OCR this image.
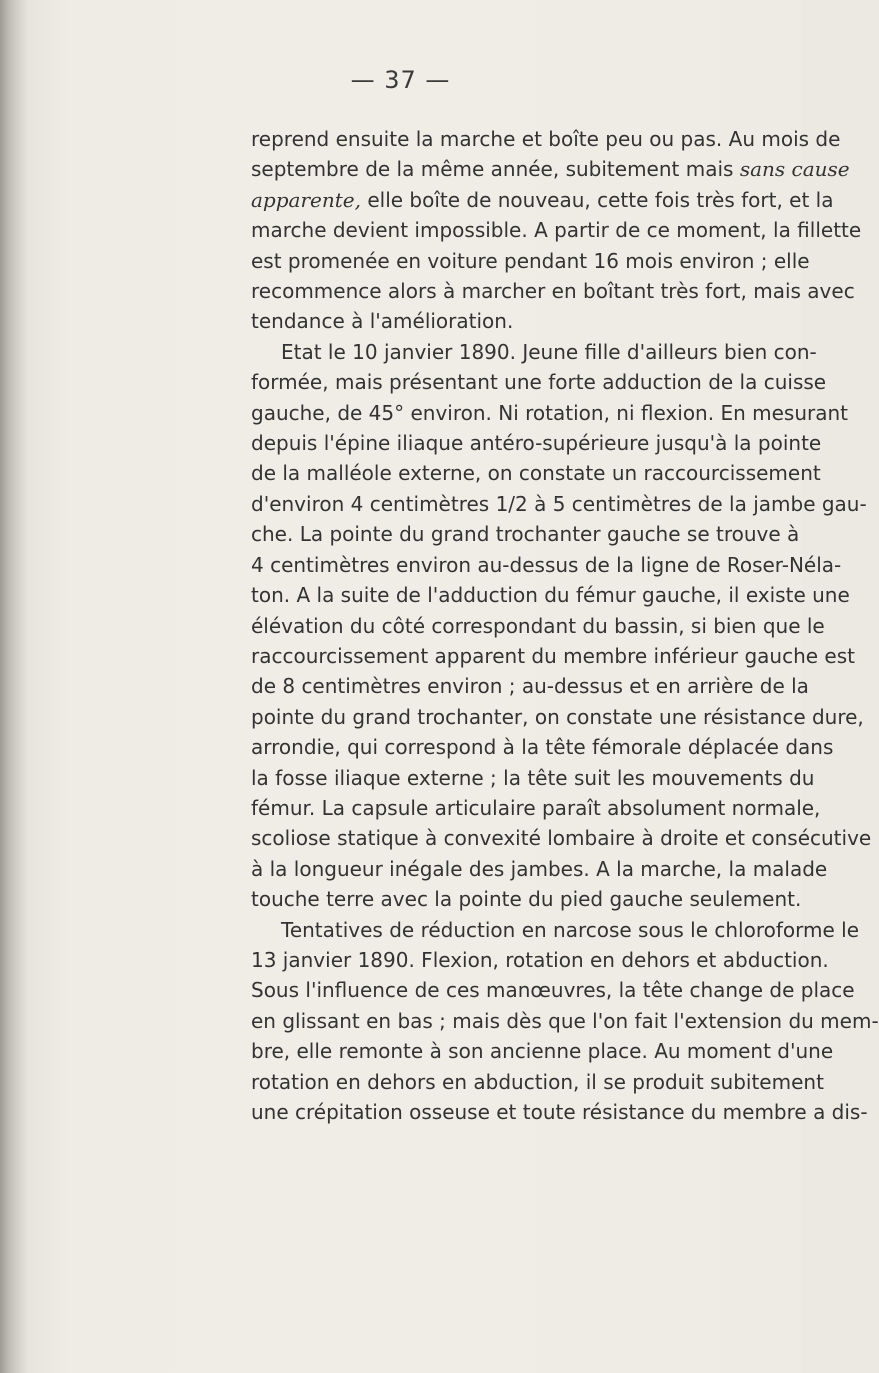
— 37 —
reprend ensuite la marche et boîte peu ou pas. Au mois de
septembre de la même année, subitement mais sans cause
apparente, elle boîte de nouveau, cette fois très fort, et la
marche devient impossible. A partir de ce moment, la fillette
est promenée en voiture pendant 16 mois environ ; elle
recommence alors à marcher en boîtant très fort, mais avec
tendance à l'amélioration.
Etat le 10 janvier 1890. Jeune fille d'ailleurs bien con-
formée, mais présentant une forte adduction de la cuisse
gauche, de 45° environ. Ni rotation, ni flexion. En mesurant
depuis l'épine iliaque antéro-supérieure jusqu'à la pointe
de la malléole externe, on constate un raccourcissement
d'environ 4 centimètres 1/2 à 5 centimètres de la jambe gau-
che. La pointe du grand trochanter gauche se trouve à
4 centimètres environ au-dessus de la ligne de Roser-Néla-
ton. A la suite de l'adduction du fémur gauche, il existe une
élévation du côté correspondant du bassin, si bien que le
raccourcissement apparent du membre inférieur gauche est
de 8 centimètres environ ; au-dessus et en arrière de la
pointe du grand trochanter, on constate une résistance dure,
arrondie, qui correspond à la tête fémorale déplacée dans
la fosse iliaque externe ; la tête suit les mouvements du
fémur. La capsule articulaire paraît absolument normale,
scoliose statique à convexité lombaire à droite et consécutive
à la longueur inégale des jambes. A la marche, la malade
touche terre avec la pointe du pied gauche seulement.
Tentatives de réduction en narcose sous le chloroforme le
13 janvier 1890. Flexion, rotation en dehors et abduction.
Sous l'influence de ces manœuvres, la tête change de place
en glissant en bas ; mais dès que l'on fait l'extension du mem-
bre, elle remonte à son ancienne place. Au moment d'une
rotation en dehors en abduction, il se produit subitement
une crépitation osseuse et toute résistance du membre a dis-
